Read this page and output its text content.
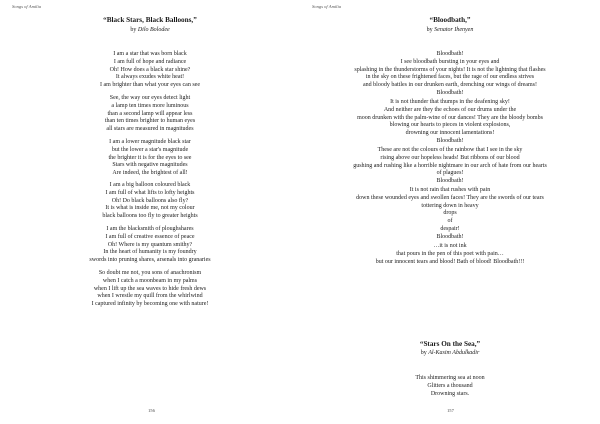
Songs of Amilia
“Black Stars, Black Balloons,”
by Dilo Bolodee
I am a star that was born black
I am full of hope and radiance
Oh! How does a black star shine?
It always exudes white heat!
I am brighter than what your eyes can see
See, the way our eyes detect light
a lamp ten times more luminous
than a second lamp will appear less
than ten times brighter to human eyes
all stars are measured in magnitudes
I am a lower magnitude black star
but the lower a star's magnitude
the brighter it is for the eyes to see
Stars with negative magnitudes
Are indeed, the brightest of all!
I am a big balloon coloured black
I am full of what lifts to lofty heights
Oh! Do black balloons also fly?
It is what is inside me, not my colour
black balloons too fly to greater heights
I am the blacksmith of ploughshares
I am full of creative essence of peace
Oh! Where is my quantum smithy?
In the heart of humanity is my foundry
swords into pruning shares, arsenals into granaries
So doubt me not, you sons of anachronism
when I catch a moonbeam in my palms
when I lift up the sea waves to hide fresh dews
when I wrestle my quill from the whirlwind
I captured infinity by becoming one with nature!
156
Songs of Amilia
“Bloodbath,”
by Senator Ihenyen
Bloodbath!
I see bloodbath bursting in your eyes and
splashing in the thunderstorms of your nights! It is not the lightning that flashes
in the sky on these frightened faces, but the rage of our endless strives
and bloody battles in our drunken earth, drenching our wings of dreams!
Bloodbath!
It is not thunder that thumps in the deafening sky!
And neither are they the echoes of our drums under the
moon drunken with the palm-wine of our dances! They are the bloody bombs
blowing our hearts to pieces in violent explosions,
drowning our innocent lamentations!
Bloodbath!
These are not the colours of the rainbow that I see in the sky
rising above our hopeless heads! But ribbons of our blood
gushing and rushing like a horrible nightmare in our arch of hate from our hearts
of plagues!
Bloodbath!
It is not rain that rushes with pain
down these wounded eyes and swollen faces! They are the swords of our tears
tottering down in heavy
drops
of
despair!
Bloodbath!
…it is not ink
that pours in the pen of this poet with pain…
but our innocent tears and blood! Bath of blood! Bloodbath!!!
“Stars On the Sea,”
by Al-Kasim Abdulkadir
This shimmering sea at noon
Glitters a thousand
Drowning stars.
157
